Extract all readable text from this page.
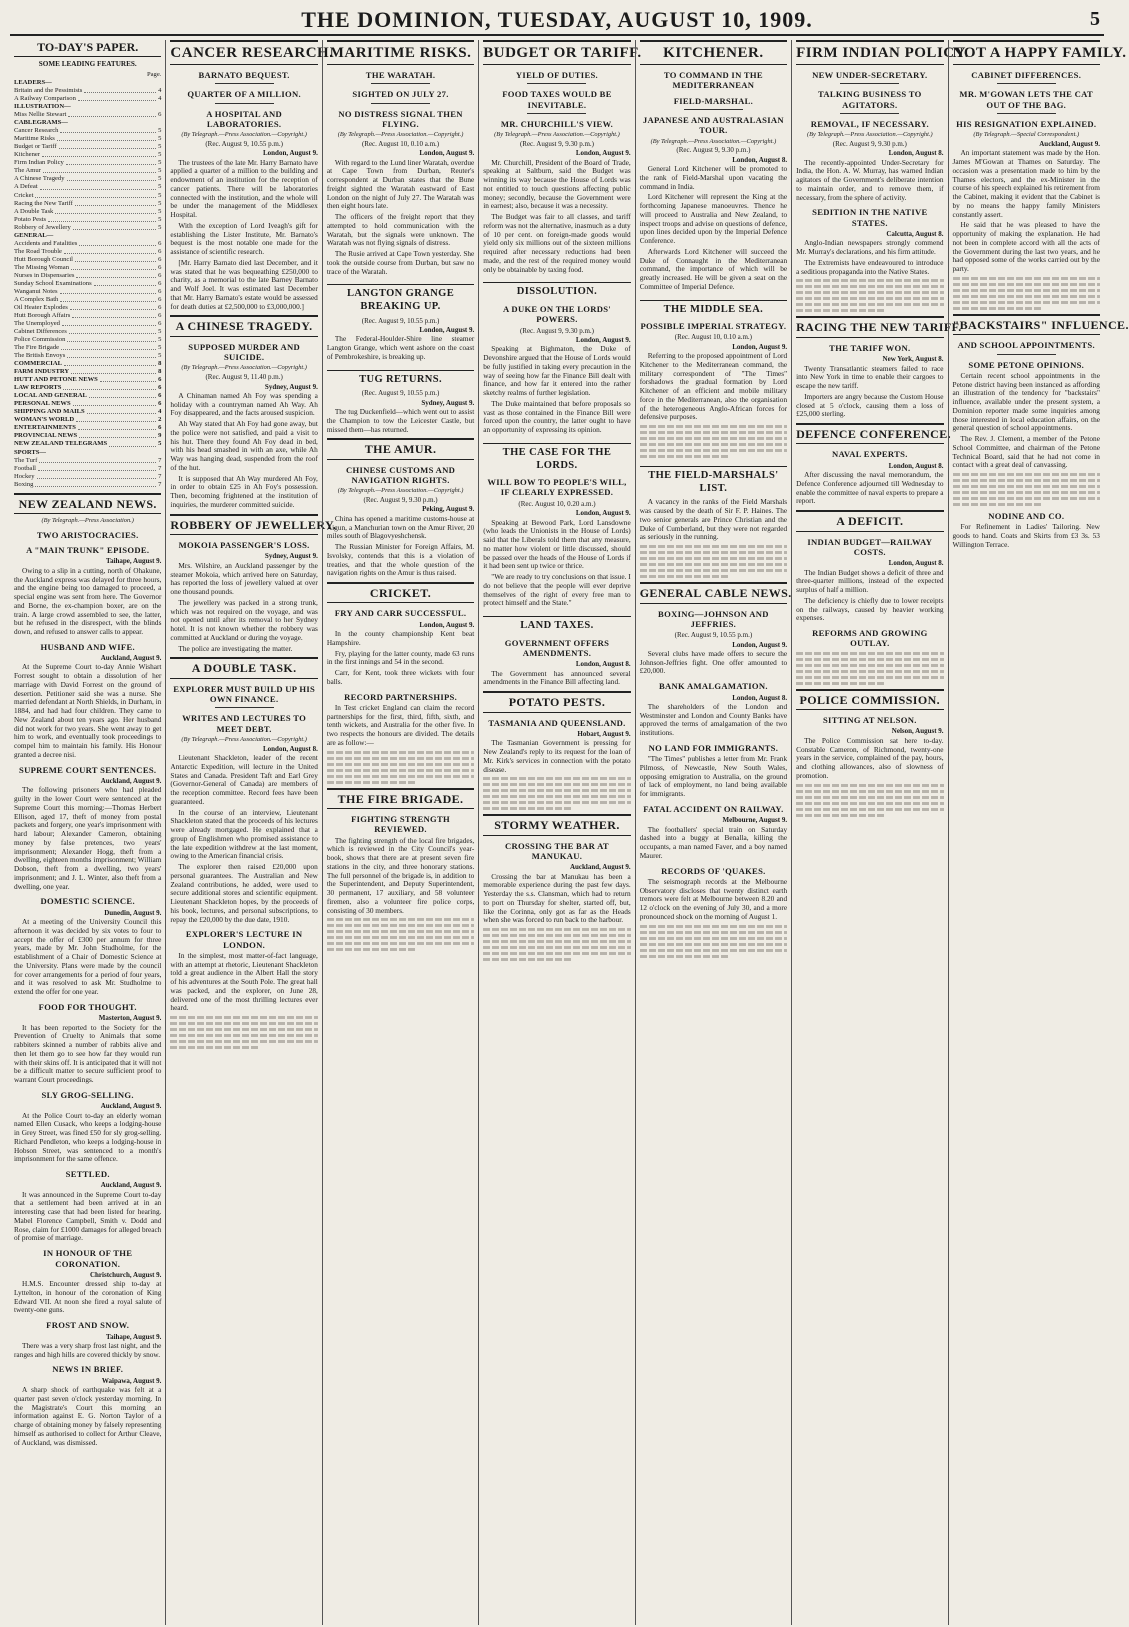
THE DOMINION, TUESDAY, AUGUST 10, 1909.	5
TO-DAY'S PAPER.
SOME LEADING FEATURES.
Page.
LEADERS—
Britain and the Pessimists	4
A Railway Comparison	4
ILLUSTRATION—
Miss Nellie Stewart	6
CABLEGRAMS—
Cancer Research	5
Maritime Risks	5
Budget or Tariff	5
Kitchener	5
Firm Indian Policy	5
The Amur	5
A Chinese Tragedy	5
A Defeat	5
Cricket	5
Racing the New Tariff	5
A Double Task	5
Potato Pests	5
Robbery of Jewellery	5
GENERAL—
Accidents and Fatalities	6
The Road Trouble	6
Hutt Borough Council	6
The Missing Woman	6
Nurses in Dispensaries	6
Sunday School Examinations	6
Wanganui Notes	6
A Complex Bath	6
Oil Heater Explodes	6
Hutt Borough Affairs	6
The Unemployed	6
Cabinet Differences	5
Police Commission	5
The Fire Brigade	5
The British Envoys	5
COMMERCIAL	8
FARM INDUSTRY	8
HUTT AND PETONE NEWS	6
LAW REPORTS	6
LOCAL AND GENERAL	6
PERSONAL NEWS	6
SHIPPING AND MAILS	4
WOMAN'S WORLD	2
ENTERTAINMENTS	6
PROVINCIAL NEWS	9
NEW ZEALAND TELEGRAMS	5
SPORTS—
The Turf	7
Football	7
Hockey	7
Boxing	7
NEW ZEALAND NEWS.
(By Telegraph.—Press Association.)
TWO ARISTOCRACIES.
A "MAIN TRUNK" EPISODE.
Taihape, August 9.

Owing to a slip in a cutting, north of Ohakune, the Auckland express was delayed for three hours, and the engine being too damaged to proceed, a special engine was sent from here. The Governor and Borne, the ex-champion boxer, are on the train. A large crowd assembled to see, the latter, but he refused in the disrespect, with the blinds down, and refused to answer calls to appear.

HUSBAND AND WIFE.
Auckland, August 9.

At the Supreme Court to-day Annie Wishart Forrest sought to obtain a dissolution of her marriage with David Forrest on the ground of desertion. Petitioner said she was a nurse. She married defendant at North Shields, in Durham, in 1884, and had had four children. They came to New Zealand about ten years ago. Her husband did not work for two years. She went away to get him to work, and eventually took proceedings to compel him to maintain his family. His Honour granted a decree nisi.

SUPREME COURT SENTENCES.
Auckland, August 9.

The following prisoners who had pleaded guilty in the lower Court were sentenced at the Supreme Court this morning:—Thomas Herbert Ellison, aged 17, theft of money from postal packets and forgery, one year's imprisonment with hard labour; Alexander Cameron, obtaining money by false pretences, two years' imprisonment; Alexander Hogg, theft from a dwelling, eighteen months imprisonment; William Dobson, theft from a dwelling, two years' imprisonment; and J. L. Winter, also theft from a dwelling, one year.

DOMESTIC SCIENCE.
Dunedin, August 9.

At a meeting of the University Council this afternoon it was decided by six votes to four to accept the offer of £300 per annum for three years, made by Mr. John Studholme, for the establishment of a Chair of Domestic Science at the University. Plans were made by the council for cover arrangements for a period of four years, and it was resolved to ask Mr. Studholme to extend the offer for one year.

FOOD FOR THOUGHT.
Masterton, August 9.

It has been reported to the Society for the Prevention of Cruelty to Animals that some rabbiters skinned a number of rabbits alive and then let them go to see how far they would run with their skins off. It is anticipated that it will not be a difficult matter to secure sufficient proof to warrant Court proceedings.

SLY GROG-SELLING.
Auckland, August 9.

At the Police Court to-day an elderly woman named Ellen Cusack, who keeps a lodging-house in Grey Street, was fined £50 for sly grog-selling. Richard Pendleton, who keeps a lodging-house in Hobson Street, was sentenced to a month's imprisonment for the same offence.

SETTLED.
Auckland, August 9.

It was announced in the Supreme Court to-day that a settlement had been arrived at in an interesting case that had been listed for hearing. Mabel Florence Campbell, Smith v. Dodd and Rose, claim for £1000 damages for alleged breach of promise of marriage.

IN HONOUR OF THE CORONATION.
Christchurch, August 9.

H.M.S. Encounter dressed ship to-day at Lyttelton, in honour of the coronation of King Edward VII. At noon she fired a royal salute of twenty-one guns.

FROST AND SNOW.
Taihape, August 9.

There was a very sharp frost last night, and the ranges and high hills are covered thickly by snow.

NEWS IN BRIEF.
Waipawa, August 9.

A sharp shock of earthquake was felt at a quarter past seven o'clock yesterday morning. In the Magistrate's Court this morning an information against E. G. Norton Taylor of a charge of obtaining money by falsely representing himself as authorised to collect for Arthur Cleave, of Auckland, was dismissed.

CANCER RESEARCH.
BARNATO BEQUEST.
QUARTER OF A MILLION.
A HOSPITAL AND LABORATORIES.
(By Telegraph.—Press Association.—Copyright.)
(Rec. August 9, 10.55 p.m.)
London, August 9.

The trustees of the late Mr. Harry Barnato have applied a quarter of a million to the building and endowment of an institution for the reception of cancer patients. There will be laboratories connected with the institution, and the whole will be under the management of the Middlesex Hospital.

With the exception of Lord Iveagh's gift for establishing the Lister Institute, Mr. Barnato's bequest is the most notable one made for the assistance of scientific research.

[Mr. Harry Barnato died last December, and it was stated that he was bequeathing £250,000 to charity, as a memorial to the late Barney Barnato and Wolf Joel. It was estimated last December that Mr. Harry Barnato's estate would be assessed for death duties at £2,500,000 to £3,000,000.]

A CHINESE TRAGEDY.
SUPPOSED MURDER AND SUICIDE.
(By Telegraph.—Press Association.—Copyright.)
(Rec. August 9, 11.40 p.m.)
Sydney, August 9.

A Chinaman named Ah Foy was spending a holiday with a countryman named Ah Way. Ah Foy disappeared, and the facts aroused suspicion.

Ah Way stated that Ah Foy had gone away, but the police were not satisfied, and paid a visit to his hut. There they found Ah Foy dead in bed, with his head smashed in with an axe, while Ah Way was hanging dead, suspended from the roof of the hut.

It is supposed that Ah Way murdered Ah Foy, in order to obtain £25 in Ah Foy's possession. Then, becoming frightened at the institution of inquiries, the murderer committed suicide.

ROBBERY OF JEWELLERY.
MOKOIA PASSENGER'S LOSS.
Sydney, August 9.

Mrs. Wilshire, an Auckland passenger by the steamer Mokoia, which arrived here on Saturday, has reported the loss of jewellery valued at over one thousand pounds.

The jewellery was packed in a strong trunk, which was not required on the voyage, and was not opened until after its removal to her Sydney hotel. It is not known whether the robbery was committed at Auckland or during the voyage.

The police are investigating the matter.

A DOUBLE TASK.
EXPLORER MUST BUILD UP HIS OWN FINANCE.
WRITES AND LECTURES TO MEET DEBT.
(By Telegraph.—Press Association.—Copyright.)
London, August 8.

Lieutenant Shackleton, leader of the recent Antarctic Expedition, will lecture in the United States and Canada. President Taft and Earl Grey (Governor-General of Canada) are members of the reception committee. Record fees have been guaranteed.

In the course of an interview, Lieutenant Shackleton stated that the proceeds of his lectures were already mortgaged. He explained that a group of Englishmen who promised assistance to the late expedition withdrew at the last moment, owing to the American financial crisis.

The explorer then raised £20,000 upon personal guarantees. The Australian and New Zealand contributions, he added, were used to secure additional stores and scientific equipment. Lieutenant Shackleton hopes, by the proceeds of his book, lectures, and personal subscriptions, to repay the £20,000 by the due date, 1910.

EXPLORER'S LECTURE IN LONDON.

In the simplest, most matter-of-fact language, with an attempt at rhetoric, Lieutenant Shackleton told a great audience in the Albert Hall the story of his adventures at the South Pole. The great hall was packed, and the explorer, on June 28, delivered one of the most thrilling lectures ever heard.

MARITIME RISKS.
THE WARATAH.
SIGHTED ON JULY 27.
NO DISTRESS SIGNAL THEN FLYING.
(By Telegraph.—Press Association.—Copyright.)
(Rec. August 10, 0.10 a.m.)
London, August 9.

With regard to the Lund liner Waratah, overdue at Cape Town from Durban, Reuter's correspondent at Durban states that the Bune freight sighted the Waratah eastward of East London on the night of July 27. The Waratah was then eight hours late.

The officers of the freight report that they attempted to hold communication with the Waratah, but the signals were unknown. The Waratah was not flying signals of distress.

The Rusie arrived at Cape Town yesterday. She took the outside course from Durban, but saw no trace of the Waratah.

LANGTON GRANGE BREAKING UP.
(Rec. August 9, 10.55 p.m.)
London, August 9.

The Federal-Houlder-Shire line steamer Langton Grange, which went ashore on the coast of Pembrokeshire, is breaking up.

TUG RETURNS.
(Rec. August 9, 10.55 p.m.)
Sydney, August 9.

The tug Duckenfield—which went out to assist the Champion to tow the Leicester Castle, but missed them—has returned.

THE AMUR.
CHINESE CUSTOMS AND NAVIGATION RIGHTS.
(By Telegraph.—Press Association.—Copyright.)
(Rec. August 9, 9.30 p.m.)
Peking, August 9.

China has opened a maritime customs-house at Aigun, a Manchurian town on the Amur River, 20 miles south of Blagovyeshchensk.

The Russian Minister for Foreign Affairs, M. Isvolsky, contends that this is a violation of treaties, and that the whole question of the navigation rights on the Amur is thus raised.

CRICKET.
FRY AND CARR SUCCESSFUL.
London, August 9.

In the county championship Kent beat Hampshire.

Fry, playing for the latter county, made 63 runs in the first innings and 54 in the second.

Carr, for Kent, took three wickets with four balls.

RECORD PARTNERSHIPS.

In Test cricket England can claim the record partnerships for the first, third, fifth, sixth, and tenth wickets, and Australia for the other five. In two respects the honours are divided. The details are as follow:—

THE FIRE BRIGADE.
FIGHTING STRENGTH REVIEWED.

The fighting strength of the local fire brigades, which is reviewed in the City Council's year-book, shows that there are at present seven fire stations in the city, and three honorary stations. The full personnel of the brigade is, in addition to the Superintendent, and Deputy Superintendent, 30 permanent, 17 auxiliary, and 58 volunteer firemen, also a volunteer fire police corps, consisting of 30 members.

BUDGET OR TARIFF.
YIELD OF DUTIES.
FOOD TAXES WOULD BE INEVITABLE.
MR. CHURCHILL'S VIEW.
(By Telegraph.—Press Association.—Copyright.)
(Rec. August 9, 9.30 p.m.)
London, August 9.

Mr. Churchill, President of the Board of Trade, speaking at Saltburn, said the Budget was winning its way because the House of Lords was not entitled to touch questions affecting public money; secondly, because the Government were in earnest; also, because it was a necessity.

The Budget was fair to all classes, and tariff reform was not the alternative, inasmuch as a duty of 10 per cent. on foreign-made goods would yield only six millions out of the sixteen millions required after necessary reductions had been made, and the rest of the required money would only be obtainable by taxing food.

DISSOLUTION.
A DUKE ON THE LORDS' POWERS.
(Rec. August 9, 9.30 p.m.)
London, August 9.

Speaking at Bighmaton, the Duke of Devonshire argued that the House of Lords would be fully justified in taking every precaution in the way of seeing how far the Finance Bill dealt with finance, and how far it entered into the rather sketchy realms of further legislation.

The Duke maintained that before proposals so vast as those contained in the Finance Bill were forced upon the country, the latter ought to have an opportunity of expressing its opinion.

THE CASE FOR THE LORDS.
WILL BOW TO PEOPLE'S WILL, IF CLEARLY EXPRESSED.
(Rec. August 10, 0.20 a.m.)
London, August 9.

Speaking at Bewood Park, Lord Lansdowne (who leads the Unionists in the House of Lords) said that the Liberals told them that any measure, no matter how violent or little discussed, should be passed over the heads of the House of Lords if it had been sent up twice or thrice.

"We are ready to try conclusions on that issue. I do not believe that the people will ever deprive themselves of the right of every free man to protect himself and the State."

LAND TAXES.
GOVERNMENT OFFERS AMENDMENTS.
London, August 8.

The Government has announced several amendments in the Finance Bill affecting land.

POTATO PESTS.
TASMANIA AND QUEENSLAND.
Hobart, August 9.

The Tasmanian Government is pressing for New Zealand's reply to its request for the loan of Mr. Kirk's services in connection with the potato disease.

STORMY WEATHER.
CROSSING THE BAR AT MANUKAU.
Auckland, August 9.

Crossing the bar at Manukau has been a memorable experience during the past few days. Yesterday the s.s. Clansman, which had to return to port on Thursday for shelter, started off, but, like the Corinna, only got as far as the Heads when she was forced to run back to the harbour.

KITCHENER.
TO COMMAND IN THE MEDITERRANEAN
FIELD-MARSHAL.
JAPANESE AND AUSTRALASIAN TOUR.
(By Telegraph.—Press Association.—Copyright.)
(Rec. August 9, 9.30 p.m.)
London, August 8.

General Lord Kitchener will be promoted to the rank of Field-Marshal upon vacating the command in India.

Lord Kitchener will represent the King at the forthcoming Japanese manoeuvres. Thence he will proceed to Australia and New Zealand, to inspect troops and advise on questions of defence, upon lines decided upon by the Imperial Defence Conference.

Afterwards Lord Kitchener will succeed the Duke of Connaught in the Mediterranean command, the importance of which will be greatly increased. He will be given a seat on the Committee of Imperial Defence.

THE MIDDLE SEA.
POSSIBLE IMPERIAL STRATEGY.
(Rec. August 10, 0.10 a.m.)
London, August 9.

Referring to the proposed appointment of Lord Kitchener to the Mediterranean command, the military correspondent of "The Times" forshadows the gradual formation by Lord Kitchener of an efficient and mobile military force in the Mediterranean, also the organisation of the heterogeneous Anglo-African forces for defensive purposes.

THE FIELD-MARSHALS' LIST.

A vacancy in the ranks of the Field Marshals was caused by the death of Sir F. P. Haines. The two senior generals are Prince Christian and the Duke of Cumberland, but they were not regarded as seriously in the running.

GENERAL CABLE NEWS.
BOXING—JOHNSON AND JEFFRIES.
(Rec. August 9, 10.55 p.m.)
London, August 9.

Several clubs have made offers to secure the Johnson-Jeffries fight. One offer amounted to £20,000.

BANK AMALGAMATION.
London, August 8.

The shareholders of the London and Westminster and London and County Banks have approved the terms of amalgamation of the two institutions.

NO LAND FOR IMMIGRANTS.

"The Times" publishes a letter from Mr. Frank Pilmoss, of Newcastle, New South Wales, opposing emigration to Australia, on the ground of lack of employment, no land being available for immigrants.

FATAL ACCIDENT ON RAILWAY.
Melbourne, August 9.

The footballers' special train on Saturday dashed into a buggy at Benalla, killing the occupants, a man named Faver, and a boy named Maurer.

RECORDS OF 'QUAKES.

The seismograph records at the Melbourne Observatory discloses that twenty distinct earth tremors were felt at Melbourne between 8.20 and 12 o'clock on the evening of July 30, and a more pronounced shock on the morning of August 1.

FIRM INDIAN POLICY.
NEW UNDER-SECRETARY.
TALKING BUSINESS TO AGITATORS.
REMOVAL, IF NECESSARY.
(By Telegraph.—Press Association.—Copyright.)
(Rec. August 9, 9.30 p.m.)
London, August 8.

The recently-appointed Under-Secretary for India, the Hon. A. W. Murray, has warned Indian agitators of the Government's deliberate intention to maintain order, and to remove them, if necessary, from the sphere of activity.

SEDITION IN THE NATIVE STATES.
Calcutta, August 8.

Anglo-Indian newspapers strongly commend Mr. Murray's declarations, and his firm attitude.

The Extremists have endeavoured to introduce a seditious propaganda into the Native States.

RACING THE NEW TARIFF.
THE TARIFF WON.
New York, August 8.

Twenty Transatlantic steamers failed to race into New York in time to enable their cargoes to escape the new tariff.

Importers are angry because the Custom House closed at 5 o'clock, causing them a loss of £25,000 sterling.

DEFENCE CONFERENCE.
NAVAL EXPERTS.
London, August 8.

After discussing the naval memorandum, the Defence Conference adjourned till Wednesday to enable the committee of naval experts to prepare a report.

A DEFICIT.
INDIAN BUDGET—RAILWAY COSTS.
London, August 8.

The Indian Budget shows a deficit of three and three-quarter millions, instead of the expected surplus of half a million.

The deficiency is chiefly due to lower receipts on the railways, caused by heavier working expenses.

REFORMS AND GROWING OUTLAY.
POLICE COMMISSION.
SITTING AT NELSON.
Nelson, August 9.

The Police Commission sat here to-day. Constable Cameron, of Richmond, twenty-one years in the service, complained of the pay, hours, and clothing allowances, also of slowness of promotion.

NOT A HAPPY FAMILY.
CABINET DIFFERENCES.
MR. M'GOWAN LETS THE CAT OUT OF THE BAG.
HIS RESIGNATION EXPLAINED.
(By Telegraph.—Special Correspondent.)
Auckland, August 9.

An important statement was made by the Hon. James M'Gowan at Thames on Saturday. The occasion was a presentation made to him by the Thames electors, and the ex-Minister in the course of his speech explained his retirement from the Cabinet, making it evident that the Cabinet is by no means the happy family Ministers constantly assert.

He said that he was pleased to have the opportunity of making the explanation. He had not been in complete accord with all the acts of the Government during the last two years, and he had opposed some of the works carried out by the party.

"BACKSTAIRS" INFLUENCE.
AND SCHOOL APPOINTMENTS.
SOME PETONE OPINIONS.

Certain recent school appointments in the Petone district having been instanced as affording an illustration of the tendency for "backstairs" influence, available under the present system, a Dominion reporter made some inquiries among those interested in local education affairs, on the general question of school appointments.

The Rev. J. Clement, a member of the Petone School Committee, and chairman of the Petone Technical Board, said that he had not come in contact with a great deal of canvassing.

NODINE AND CO.

For Refinement in Ladies' Tailoring. New goods to hand. Coats and Skirts from £3 3s. 53 Willington Terrace.
